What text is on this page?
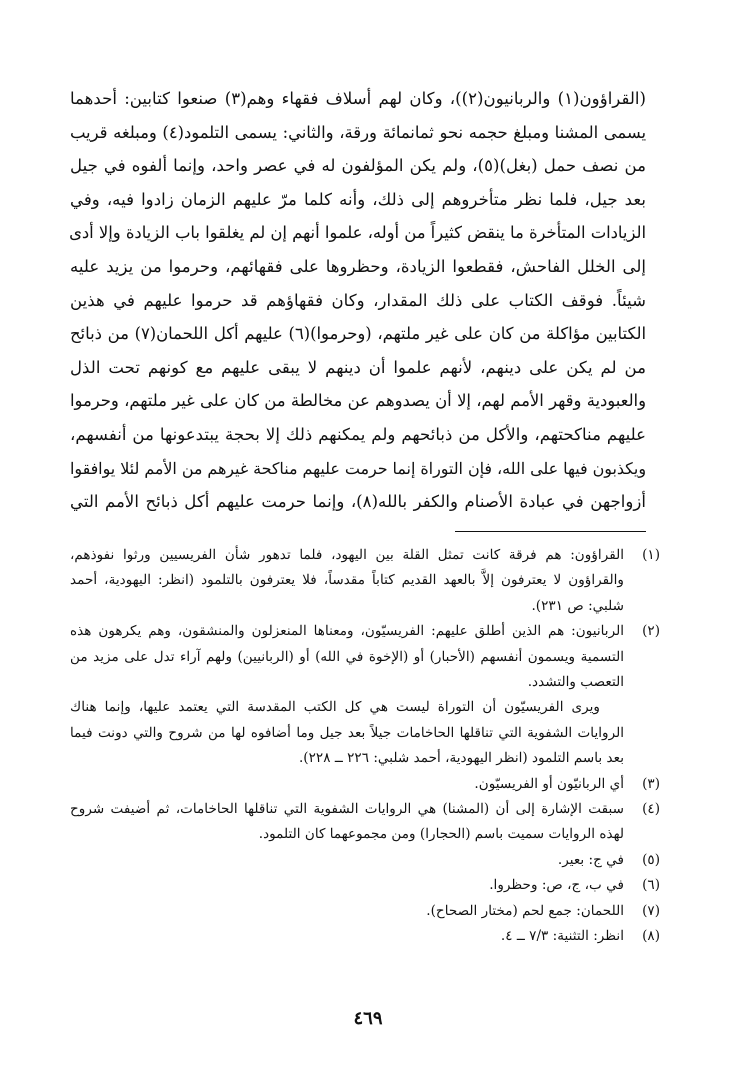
(القراؤون(١) والربانيون(٢))، وكان لهم أسلاف فقهاء وهم(٣) صنعوا كتابين: أحدهما
يسمى المشنا ومبلغ حجمه نحو ثمانمائة ورقة، والثاني: يسمى التلمود(٤) ومبلغه قريب
من نصف حمل (بغل)(٥)، ولم يكن المؤلفون له في عصر واحد، وإنما ألفوه في جيل
بعد جيل، فلما نظر متأخروهم إلى ذلك، وأنه كلما مرّ عليهم الزمان زادوا فيه، وفي
الزيادات المتأخرة ما ينقض كثيراً من أوله، علموا أنهم إن لم يغلقوا باب الزيادة وإلا أدى
إلى الخلل الفاحش، فقطعوا الزيادة، وحظروها على فقهائهم، وحرموا من يزيد عليه
شيئاً. فوقف الكتاب على ذلك المقدار، وكان فقهاؤهم قد حرموا عليهم في هذين
الكتابين مؤاكلة من كان على غير ملتهم، (وحرموا)(٦) عليهم أكل اللحمان(٧) من ذبائح
من لم يكن على دينهم، لأنهم علموا أن دينهم لا يبقى عليهم مع كونهم تحت الذل
والعبودية وقهر الأمم لهم، إلا أن يصدوهم عن مخالطة من كان على غير ملتهم، وحرموا
عليهم مناكحتهم، والأكل من ذبائحهم ولم يمكنهم ذلك إلا بحجة يبتدعونها من أنفسهم،
ويكذبون فيها على الله، فإن التوراة إنما حرمت عليهم مناكحة غيرهم من الأمم لئلا يوافقوا
أزواجهن في عبادة الأصنام والكفر بالله(٨)، وإنما حرمت عليهم أكل ذبائح الأمم التي
(١)
القراؤون: هم فرقة كانت تمثل القلة بين اليهود، فلما تدهور شأن الفريسيين ورثوا نفوذهم،
والقراؤون لا يعترفون إلاَّ بالعهد القديم كتاباً مقدساً، فلا يعترفون بالتلمود (انظر: اليهودية، أحمد
شلبي: ص ٢٣١).
(٢)
الربانيون: هم الذين أطلق عليهم: الفريسيّون، ومعناها المنعزلون والمنشقون، وهم يكرهون هذه
التسمية ويسمون أنفسهم (الأحبار) أو (الإخوة في الله) أو (الربانيين) ولهم آراء تدل على مزيد من
التعصب والتشدد.
ويرى الفريسيّون أن التوراة ليست هي كل الكتب المقدسة التي يعتمد عليها، وإنما هناك
الروايات الشفوية التي تناقلها الحاخامات جيلاً بعد جيل وما أضافوه لها من شروح والتي دونت فيما
بعد باسم التلمود (انظر اليهودية، أحمد شلبي: ٢٢٦ ــ ٢٢٨).
(٣)
أي الربانيّون أو الفريسيّون.
(٤)
سبقت الإشارة إلى أن (المشنا) هي الروايات الشفوية التي تناقلها الحاخامات، ثم أضيفت شروح
لهذه الروايات سميت باسم (الحجارا) ومن مجموعهما كان التلمود.
(٥)
في ج: بعير.
(٦)
في ب، ج، ص: وحظروا.
(٧)
اللحمان: جمع لحم (مختار الصحاح).
(٨)
انظر: التثنية: ٧/٣ ــ ٤.
٤٦٩
